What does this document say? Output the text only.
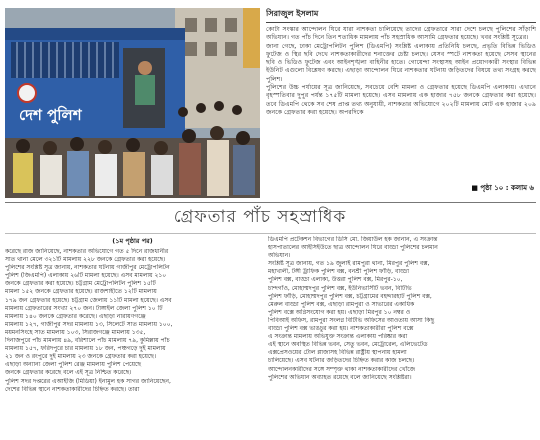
দেশ পুলিশ
সিরাজুল ইসলাম

কোটা সংস্কার আন্দোলন ঘিরে যারা নাশকতা চালিয়েছে তাদের গ্রেফতারে সারা দেশে চলছে পুলিশের সাঁড়াশি অভিযান। গত পাঁচ দিনে তিন শতাধিক মামলায় পাঁচ সহস্রাধিক আসামি গ্রেফতার হয়েছে। খবর সংশ্লিষ্ট সূত্রের।

জানা গেছে, ঢাকা মেট্রোপলিটন পুলিশ (ডিএমপি) সংশ্লিষ্ট এলাকায় প্রতিনিধি চলছে, প্রভৃতি বিভিন্ন ভিডিও ফুটেজ ও স্থির ছবি দেখে নাশকতাকারীদের শনাক্তের চেষ্টা চলছে। যেসব স্পটে নাশকতা হয়েছে সেসব স্থানের ছবি ও ভিডিও ফুটেজ এবং আইনশৃঙ্খলা বাহিনীর হাতে। গোয়েন্দা সংস্থাসহ আইন প্রয়োগকারী সংস্থার বিভিন্ন ইউনিট এগুলো বিশ্লেষণ করছে। এছাড়া আন্দোলন ঘিরে নাশকতার ঘটনায় জড়িতদের বিষয়ে তথ্য সংগ্রহ করছে পুলিশ।

পুলিশের উচ্চ পর্যায়ের সূত্র জানিয়েছে, সবচেয়ে বেশি মামলা ও গ্রেফতার হয়েছে ডিএমপি এলাকায়। এখানে বৃহস্পতিবার দুপুর পর্যন্ত ১৭৫টি মামলা হয়েছে। এসব মামলায় এক হাজার ৭৫৮ জনকে গ্রেফতার করা হয়েছে। তবে ডিএমপি থেকে সব শেষ প্রাপ্ত তথ্য অনুযায়ী, নাশকতার অভিযোগে ২০২টি মামলায় মোট এক হাজার ২০৯ জনকে গ্রেফতার করা হয়েছে। অপরদিকে

■ পৃষ্ঠা ১০ : কলাম ৬
গ্রেফতার পাঁচ সহস্রাধিক
(১ম পৃষ্ঠার পর)
করেছে রাজ জানিয়েছে, নাশকতার অভিযোগে গত ৫ দিনে রাজধানীর
সাত থানা মেলে ৩২১টি মামলায় ২২৮ জনকে গ্রেফতার করা হয়েছে।
পুলিশের সংশ্লিষ্ট সূত্র জানায়, নাশকতার ঘটনায় গাজীপুর মেট্রোপলিটন
পুলিশ (জিএমপি) এলাকায় ২৬টি মামলা হয়েছে। এসব মামলায় ২১০
জনকে গ্রেফতার করা হয়েছে। চট্টগ্রাম মেট্রোপলিটন পুলিশ ১৫টি
মামলা ১৫২ জনকে গ্রেফতার হয়েছে। রাজশাহীতে ১২টি মামলায়
১৭৯ জন গ্রেফতার হয়েছে। চট্টগ্রাম জেলায় ১১টি মামলা হয়েছে। এসব
মামলায় গ্রেফতারের সংখ্যা ২৭০ জন। টাঙ্গাইল জেলা পুলিশ ১০ টি
মামলায় ১৪০ জনকে গ্রেফতার করেছে। এছাড়া নারায়ণগঞ্জে
মামলায় ১২৭, গাজীপুর সদর মামলায় ১৩, সিলেটে সাত মামলায় ১০০,
ময়মনসিংহে সাত মামলায় ১০৩, সিরাজগঞ্জে মামলায় ১৩৫,
দিনাজপুরে পাঁচ মামলায় ৪৯, বরিশালে পাঁচ মামলায় ৭৯, কুমিল্লায় পাঁচ
মামলায় ১৫৭, ফরিদপুরে চার মামলায় ১৮ জন, পঞ্চগড়ে দুই মামলায়
২১ জন ও রংপুরে দুই মামলায় ২৩ জনকে গ্রেফতার করা হয়েছে।
এছাড়া অন্যান্য জেলা পুলিশ রেঞ্জ মামলায় পুলিশ পেয়েছে
জনকে গ্রেফতার করেছে বলে এই সূত্র নিশ্চিত করেছে।
পুলিশ সদর দপ্তরের এআইজি (মিডিয়া) ইনামুল হক সাগর জানিয়েছেন,
দেশের বিভিন্ন স্থানে নাশকতাকারীদের চিহ্নিত করছে। তারা
ডিএমপি প্রটেকশন বিভাগের ডিসি মো. জিয়াউল হক জানান, এ সংক্রান্ত
হাসপাতালের আইসিইউতে ছাত্র আন্দোলন ঘিরে বাড্ডা পুলিশের চলমান
অভিযান।
সংশ্লিষ্ট সূত্র জানায়, গত ১৯ জুলাই রামপুরা থানা, মিরপুর পুলিশ বক্স,
মহাখালী, টঙ্গী ট্রাফিক পুলিশ বক্স, বনশ্রী পুলিশ ফাঁড়ি, বাড্ডা
পুলিশ বক্স, বাড্ডা এলাকা, উত্তরা পুলিশ বক্স, মিরপুর-১০,
চান্দগাঁও, মোহাম্মদপুর পুলিশ বক্স, ইউনিভার্সিটি ভবন, বিটিভি
পুলিশ ফাঁড়ি, মোহাম্মদপুর পুলিশ বক্স, চট্টগ্রামের বহদ্দারহাট পুলিশ বক্স,
মেরুল বাড্ডা পুলিশ বক্স, এছাড়া রামপুরা ও সাভারের একাধিক
পুলিশ বক্সে অগ্নিসংযোগ করা হয়। এছাড়া মিরপুর ১০ নম্বর ও
পিবিআই অফিস, রামপুরা সংলগ্ন বিটিভি অফিসের আওতায় আসা কিছু
বাড্ডা পুলিশ বক্স ভাঙচুর করা হয়। নাশকতাকারীরা পুলিশ বক্সে
এ সংক্রান্ত মামলায় অভিযুক্ত সংক্রান্ত এলাকায় পরিষ্কার করা
এই স্থানে অবস্থিত বিভিন্ন ভবন, সেতু ভবন, মেট্রোরেল, এলিভেটেড
এক্সপ্রেসওয়ের টোল প্লাজাসহ বিভিন্ন রাষ্ট্রীয় স্থাপনায় হামলা
চালিয়েছে। এসব ঘটনার জড়িতদের চিহ্নিত করার কাজ চলছে।
আন্দোলনকারীদের সঙ্গে সম্পৃক্ত থাকা নাশকতাকারীদের খোঁজে
পুলিশের অভিযান অব্যাহত রয়েছে বলে জানিয়েছে সংশ্লিষ্টরা।
